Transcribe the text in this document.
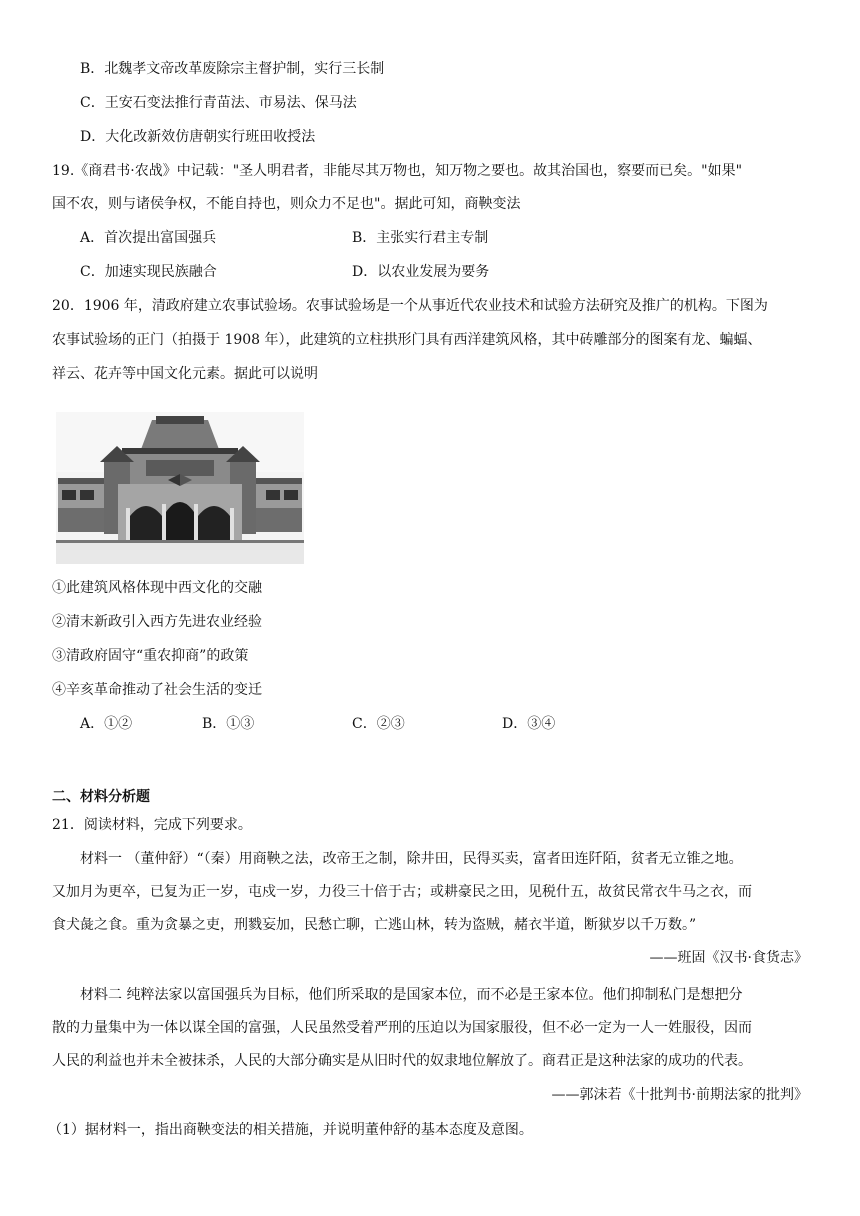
B．北魏孝文帝改革废除宗主督护制，实行三长制
C．王安石变法推行青苗法、市易法、保马法
D．大化改新效仿唐朝实行班田收授法
19.《商君书·农战》中记载："圣人明君者，非能尽其万物也，知万物之要也。故其治国也，察要而已矣。"如果"
国不农，则与诸侯争权，不能自持也，则众力不足也"。据此可知，商鞅变法
A．首次提出富国强兵	B．主张实行君主专制
C．加速实现民族融合	D．以农业发展为要务
20．1906 年，清政府建立农事试验场。农事试验场是一个从事近代农业技术和试验方法研究及推广的机构。下图为
农事试验场的正门（拍摄于 1908 年），此建筑的立柱拱形门具有西洋建筑风格，其中砖雕部分的图案有龙、蝙蝠、
祥云、花卉等中国文化元素。据此可以说明
①此建筑风格体现中西文化的交融
②清末新政引入西方先进农业经验
③清政府固守“重农抑商”的政策
④辛亥革命推动了社会生活的变迁
A．①②	B．①③	C．②③	D．③④
二、材料分析题
21．阅读材料，完成下列要求。
材料一 （董仲舒）“（秦）用商鞅之法，改帝王之制，除井田，民得买卖，富者田连阡陌，贫者无立锥之地。
又加月为更卒，已复为正一岁，屯戍一岁，力役三十倍于古；或耕豪民之田，见税什五，故贫民常衣牛马之衣，而
食犬彘之食。重为贪暴之吏，刑戮妄加，民愁亡聊，亡逃山林，转为盗贼，赭衣半道，断狱岁以千万数。”
——班固《汉书·食货志》
材料二 纯粹法家以富国强兵为目标，他们所采取的是国家本位，而不必是王家本位。他们抑制私门是想把分
散的力量集中为一体以谋全国的富强，人民虽然受着严刑的压迫以为国家服役，但不必一定为一人一姓服役，因而
人民的利益也并未全被抹杀，人民的大部分确实是从旧时代的奴隶地位解放了。商君正是这种法家的成功的代表。
——郭沫若《十批判书·前期法家的批判》
（1）据材料一，指出商鞅变法的相关措施，并说明董仲舒的基本态度及意图。
